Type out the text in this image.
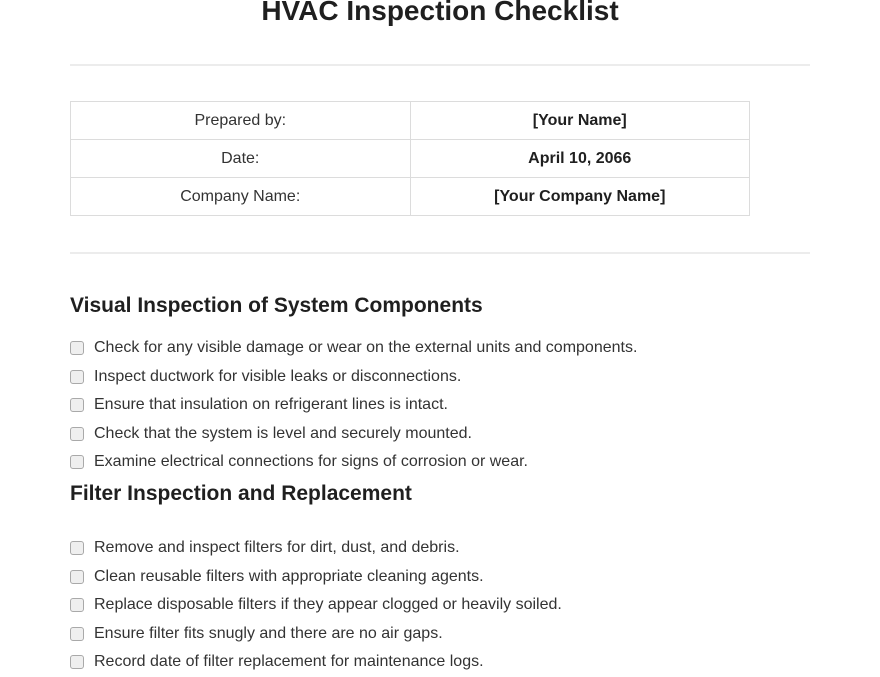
HVAC Inspection Checklist
Prepared by:	[Your Name]
Date:	April 10, 2066
Company Name:	[Your Company Name]
Visual Inspection of System Components
Check for any visible damage or wear on the external units and components.
Inspect ductwork for visible leaks or disconnections.
Ensure that insulation on refrigerant lines is intact.
Check that the system is level and securely mounted.
Examine electrical connections for signs of corrosion or wear.
Filter Inspection and Replacement
Remove and inspect filters for dirt, dust, and debris.
Clean reusable filters with appropriate cleaning agents.
Replace disposable filters if they appear clogged or heavily soiled.
Ensure filter fits snugly and there are no air gaps.
Record date of filter replacement for maintenance logs.
